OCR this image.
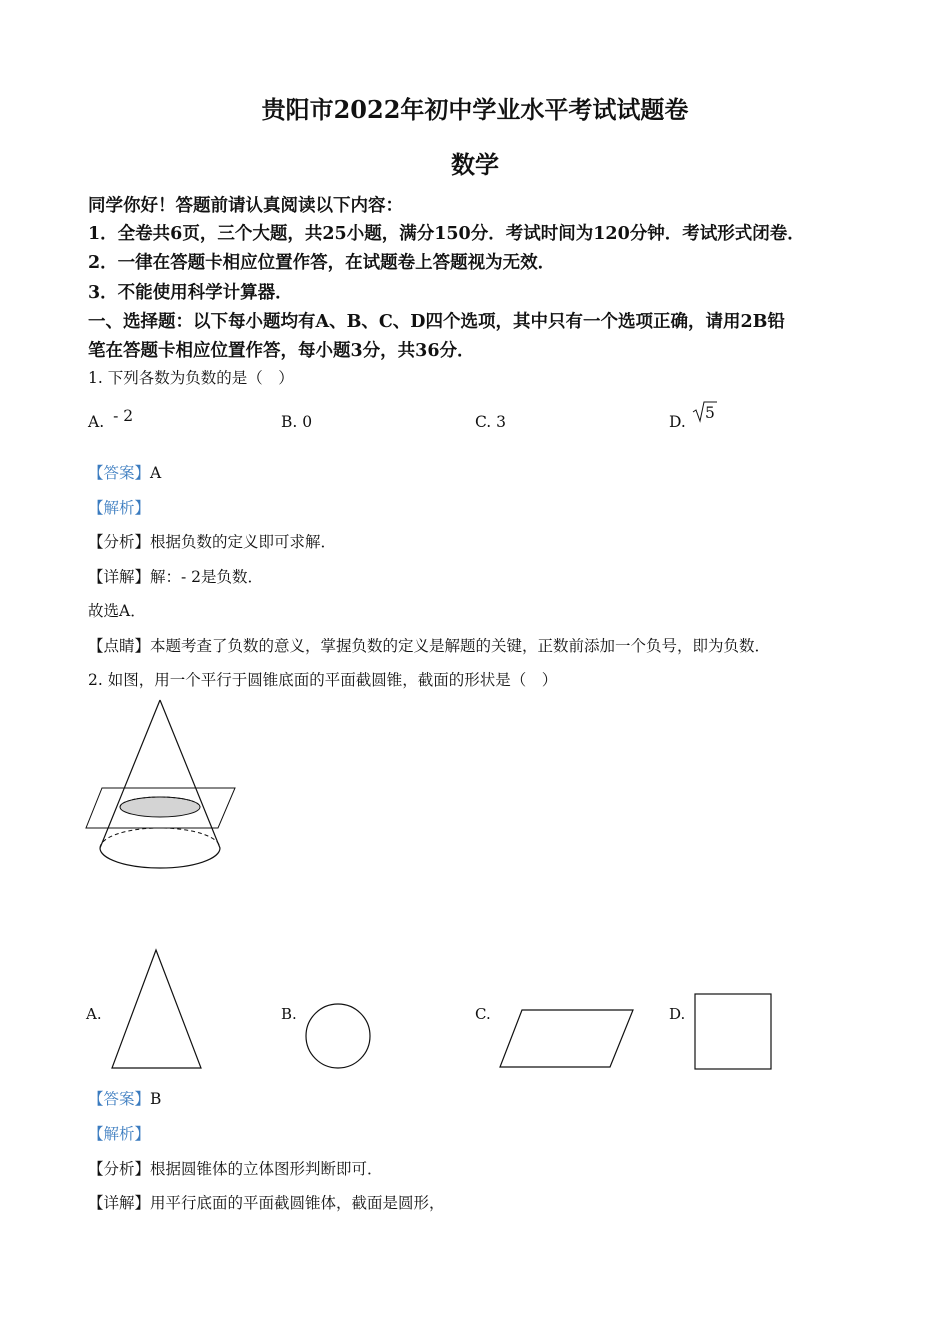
贵阳市2022年初中学业水平考试试题卷
数学
同学你好！答题前请认真阅读以下内容：
1．全卷共6页，三个大题，共25小题，满分150分．考试时间为120分钟．考试形式闭卷．
2．一律在答题卡相应位置作答，在试题卷上答题视为无效．
3．不能使用科学计算器．
一、选择题：以下每小题均有A、B、C、D四个选项，其中只有一个选项正确，请用2B铅
笔在答题卡相应位置作答，每小题3分，共36分．
1. 下列各数为负数的是（　）
A. - 2	B. 0	C. 3	D. 5
【答案】A
【解析】
【分析】根据负数的定义即可求解．
【详解】解：- 2是负数．
故选A．
【点睛】本题考查了负数的意义，掌握负数的定义是解题的关键，正数前添加一个负号，即为负数．
2. 如图，用一个平行于圆锥底面的平面截圆锥，截面的形状是（　）
A.	B.	C.	D.
【答案】B
【解析】
【分析】根据圆锥体的立体图形判断即可．
【详解】用平行底面的平面截圆锥体，截面是圆形，
